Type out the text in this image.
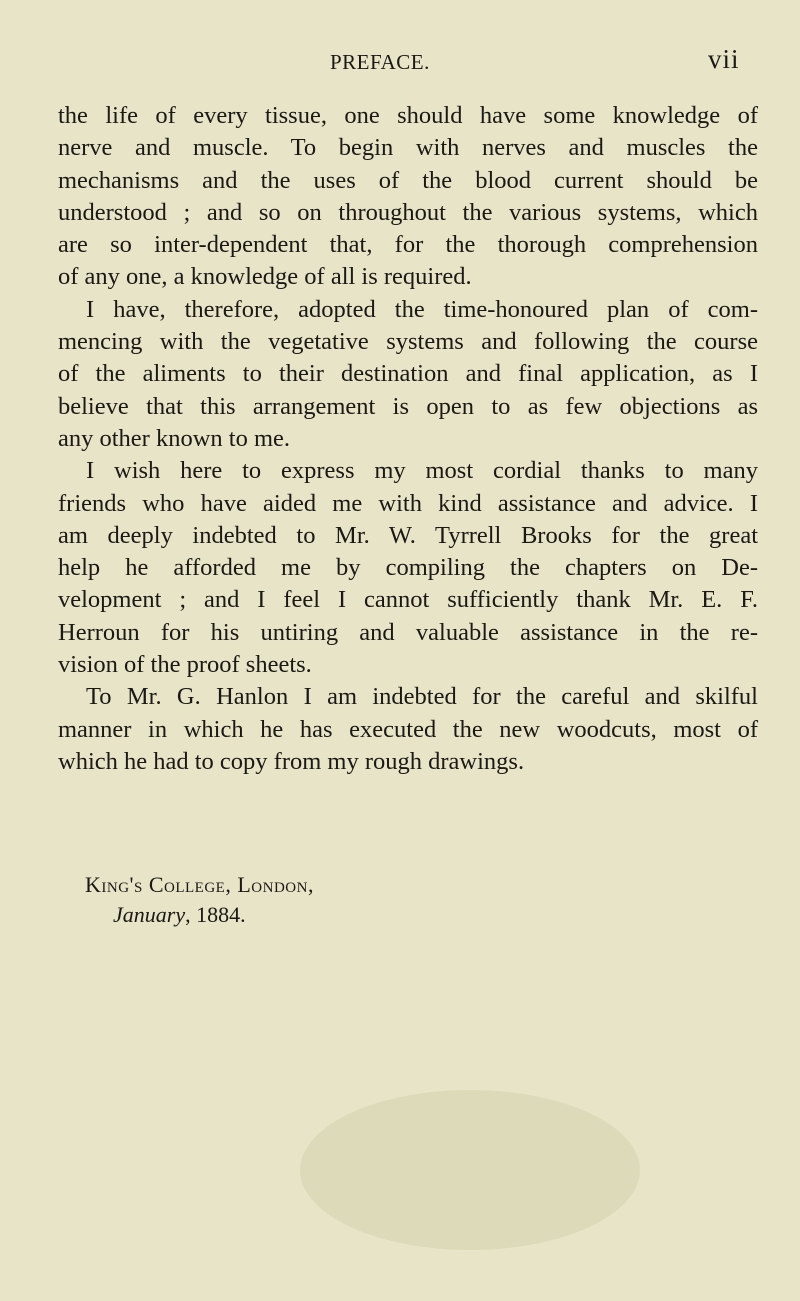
PREFACE.	vii
the life of every tissue, one should have some knowledge of
nerve and muscle. To begin with nerves and muscles the
mechanisms and the uses of the blood current should be
understood ; and so on throughout the various systems, which
are so inter-dependent that, for the thorough comprehension
of any one, a knowledge of all is required.
I have, therefore, adopted the time-honoured plan of com-
mencing with the vegetative systems and following the course
of the aliments to their destination and final application, as I
believe that this arrangement is open to as few objections as
any other known to me.
I wish here to express my most cordial thanks to many
friends who have aided me with kind assistance and advice. I
am deeply indebted to Mr. W. Tyrrell Brooks for the great
help he afforded me by compiling the chapters on De-
velopment ; and I feel I cannot sufficiently thank Mr. E. F.
Herroun for his untiring and valuable assistance in the re-
vision of the proof sheets.
To Mr. G. Hanlon I am indebted for the careful and skilful
manner in which he has executed the new woodcuts, most of
which he had to copy from my rough drawings.
King's College, London,
January, 1884.
